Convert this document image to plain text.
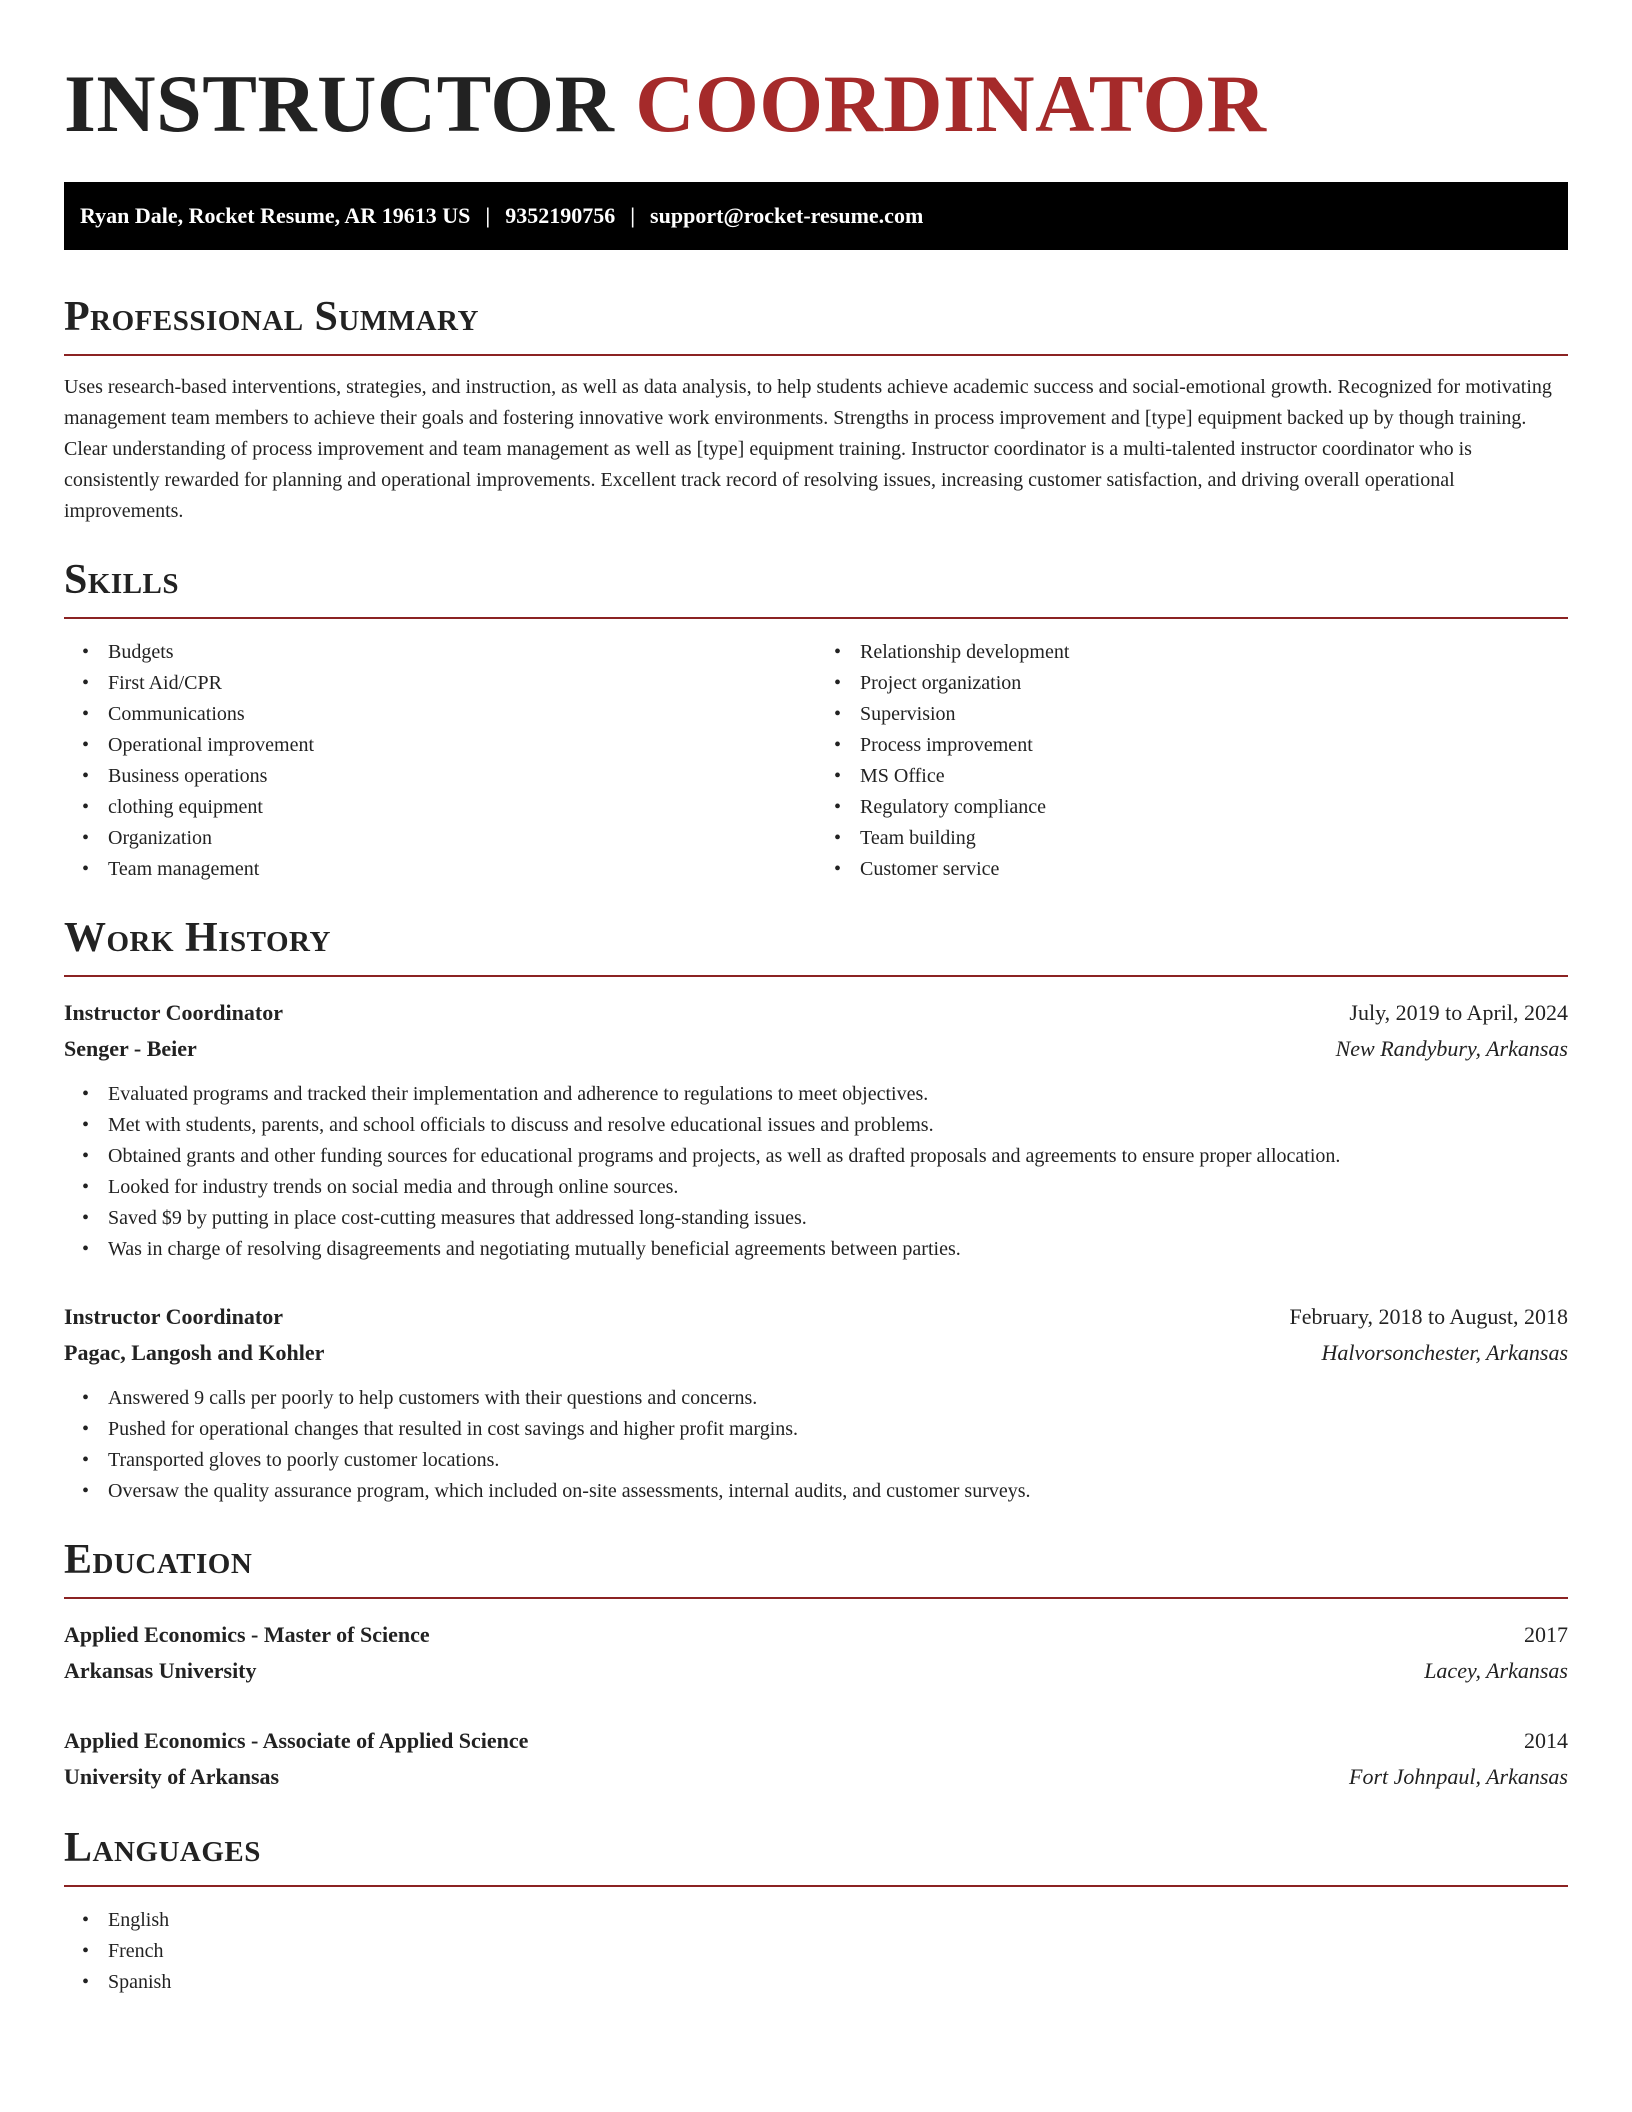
INSTRUCTOR COORDINATOR
Ryan Dale, Rocket Resume, AR 19613 US | 9352190756 | support@rocket-resume.com
Professional Summary

Uses research-based interventions, strategies, and instruction, as well as data analysis, to help students achieve academic success and social-emotional growth. Recognized for motivating management team members to achieve their goals and fostering innovative work environments. Strengths in process improvement and [type] equipment backed up by though training. Clear understanding of process improvement and team management as well as [type] equipment training. Instructor coordinator is a multi-talented instructor coordinator who is consistently rewarded for planning and operational improvements. Excellent track record of resolving issues, increasing customer satisfaction, and driving overall operational improvements.

Skills
• Budgets
• First Aid/CPR
• Communications
• Operational improvement
• Business operations
• clothing equipment
• Organization
• Team management
• Relationship development
• Project organization
• Supervision
• Process improvement
• MS Office
• Regulatory compliance
• Team building
• Customer service
Work History
Instructor Coordinator	July, 2019 to April, 2024
Senger - Beier	New Randybury, Arkansas
• Evaluated programs and tracked their implementation and adherence to regulations to meet objectives.
• Met with students, parents, and school officials to discuss and resolve educational issues and problems.
• Obtained grants and other funding sources for educational programs and projects, as well as drafted proposals and agreements to ensure proper allocation.
• Looked for industry trends on social media and through online sources.
• Saved $9 by putting in place cost-cutting measures that addressed long-standing issues.
• Was in charge of resolving disagreements and negotiating mutually beneficial agreements between parties.
Instructor Coordinator	February, 2018 to August, 2018
Pagac, Langosh and Kohler	Halvorsonchester, Arkansas
• Answered 9 calls per poorly to help customers with their questions and concerns.
• Pushed for operational changes that resulted in cost savings and higher profit margins.
• Transported gloves to poorly customer locations.
• Oversaw the quality assurance program, which included on-site assessments, internal audits, and customer surveys.
Education
Applied Economics - Master of Science	2017
Arkansas University	Lacey, Arkansas
Applied Economics - Associate of Applied Science	2014
University of Arkansas	Fort Johnpaul, Arkansas
Languages
• English
• French
• Spanish
